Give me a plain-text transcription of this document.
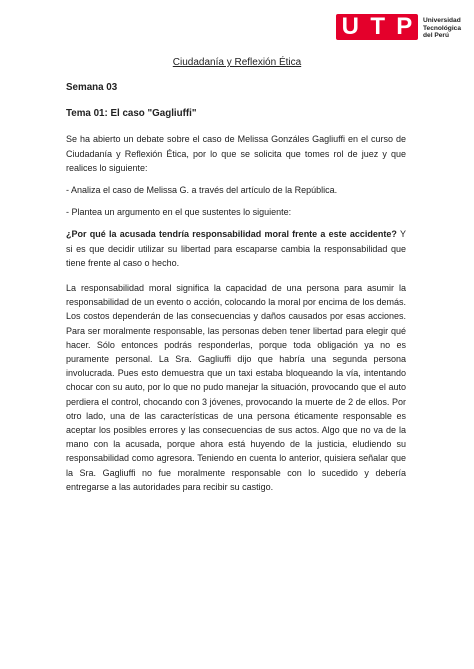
U T P Universidad
Tecnológica
del Perú
Ciudadanía y Reflexión Ética
Semana 03
Tema 01: El caso "Gagliuffi"

Se ha abierto un debate sobre el caso de Melissa Gonzáles Gagliuffi en el curso de Ciudadanía y Reflexión Ética, por lo que se solicita que tomes rol de juez y que realices lo siguiente:

- Analiza el caso de Melissa G. a través del artículo de la República.
- Plantea un argumento en el que sustentes lo siguiente:

¿Por qué la acusada tendría responsabilidad moral frente a este accidente? Y si es que decidir utilizar su libertad para escaparse cambia la responsabilidad que tiene frente al caso o hecho.

La responsabilidad moral significa la capacidad de una persona para asumir la responsabilidad de un evento o acción, colocando la moral por encima de los demás. Los costos dependerán de las consecuencias y daños causados por esas acciones. Para ser moralmente responsable, las personas deben tener libertad para elegir qué hacer. Sólo entonces podrás responderlas, porque toda obligación ya no es puramente personal. La Sra. Gagliuffi dijo que habría una segunda persona involucrada. Pues esto demuestra que un taxi estaba bloqueando la vía, intentando chocar con su auto, por lo que no pudo manejar la situación, provocando que el auto perdiera el control, chocando con 3 jóvenes, provocando la muerte de 2 de ellos. Por otro lado, una de las características de una persona éticamente responsable es aceptar los posibles errores y las consecuencias de sus actos. Algo que no va de la mano con la acusada, porque ahora está huyendo de la justicia, eludiendo su responsabilidad como agresora. Teniendo en cuenta lo anterior, quisiera señalar que la Sra. Gagliuffi no fue moralmente responsable con lo sucedido y debería entregarse a las autoridades para recibir su castigo.
